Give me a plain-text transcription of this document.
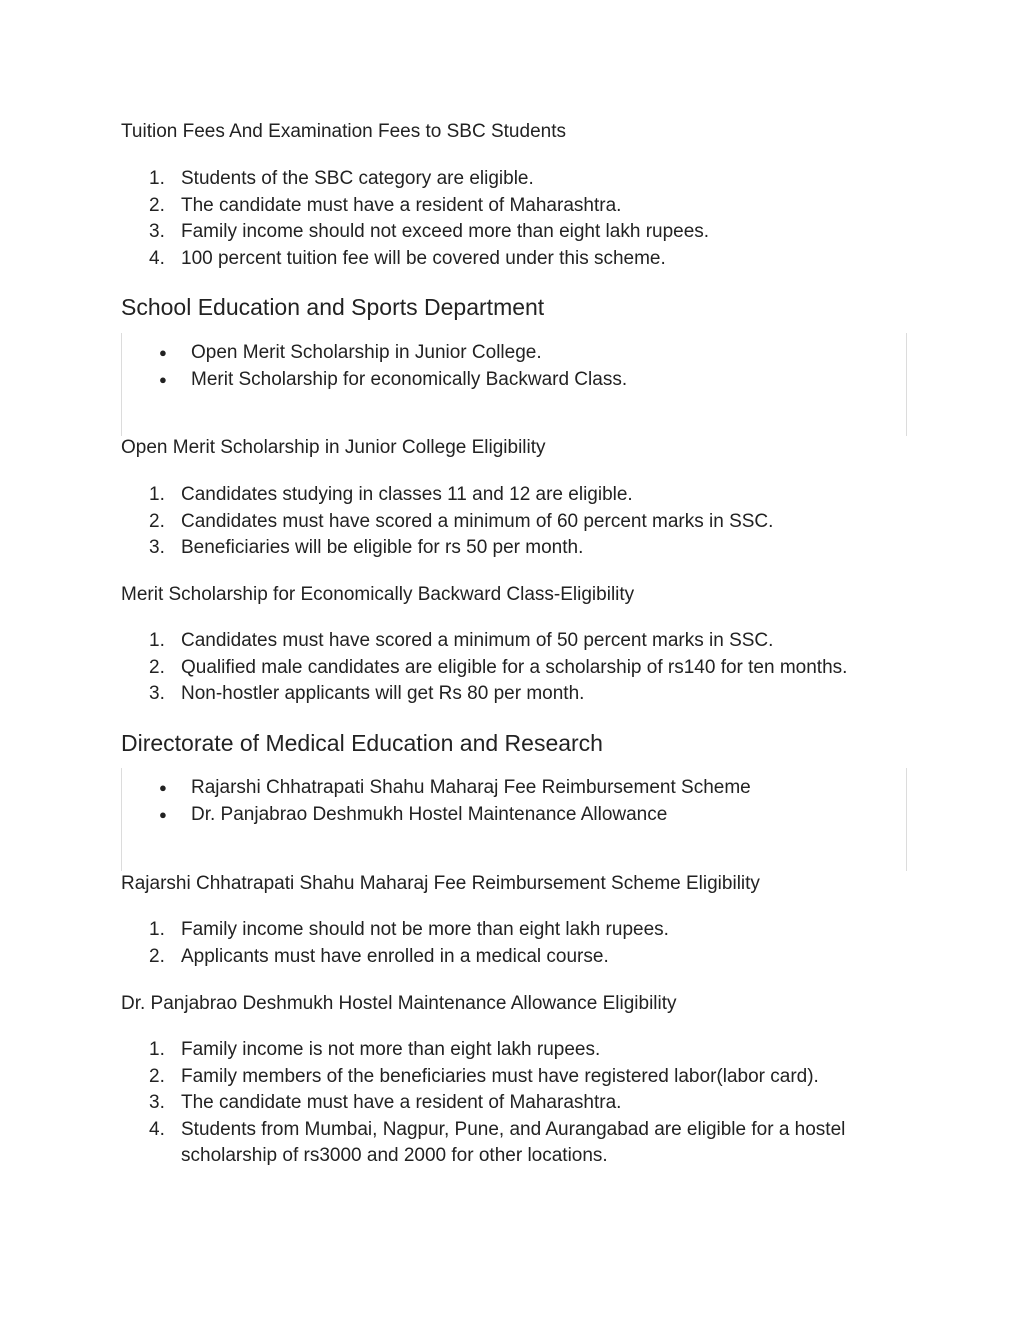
Tuition Fees And Examination Fees to SBC Students
1. Students of the SBC category are eligible.
2. The candidate must have a resident of Maharashtra.
3. Family income should not exceed more than eight lakh rupees.
4. 100 percent tuition fee will be covered under this scheme.
School Education and Sports Department
● Open Merit Scholarship in Junior College.
● Merit Scholarship for economically Backward Class.
Open Merit Scholarship in Junior College Eligibility
1. Candidates studying in classes 11 and 12 are eligible.
2. Candidates must have scored a minimum of 60 percent marks in SSC.
3. Beneficiaries will be eligible for rs 50 per month.
Merit Scholarship for Economically Backward Class-Eligibility
1. Candidates must have scored a minimum of 50 percent marks in SSC.
2. Qualified male candidates are eligible for a scholarship of rs140 for ten months.
3. Non-hostler applicants will get Rs 80 per month.
Directorate of Medical Education and Research
● Rajarshi Chhatrapati Shahu Maharaj Fee Reimbursement Scheme
● Dr. Panjabrao Deshmukh Hostel Maintenance Allowance
Rajarshi Chhatrapati Shahu Maharaj Fee Reimbursement Scheme Eligibility
1. Family income should not be more than eight lakh rupees.
2. Applicants must have enrolled in a medical course.
Dr. Panjabrao Deshmukh Hostel Maintenance Allowance Eligibility
1. Family income is not more than eight lakh rupees.
2. Family members of the beneficiaries must have registered labor(labor card).
3. The candidate must have a resident of Maharashtra.
4. Students from Mumbai, Nagpur, Pune, and Aurangabad are eligible for a hostel scholarship of rs3000 and 2000 for other locations.
